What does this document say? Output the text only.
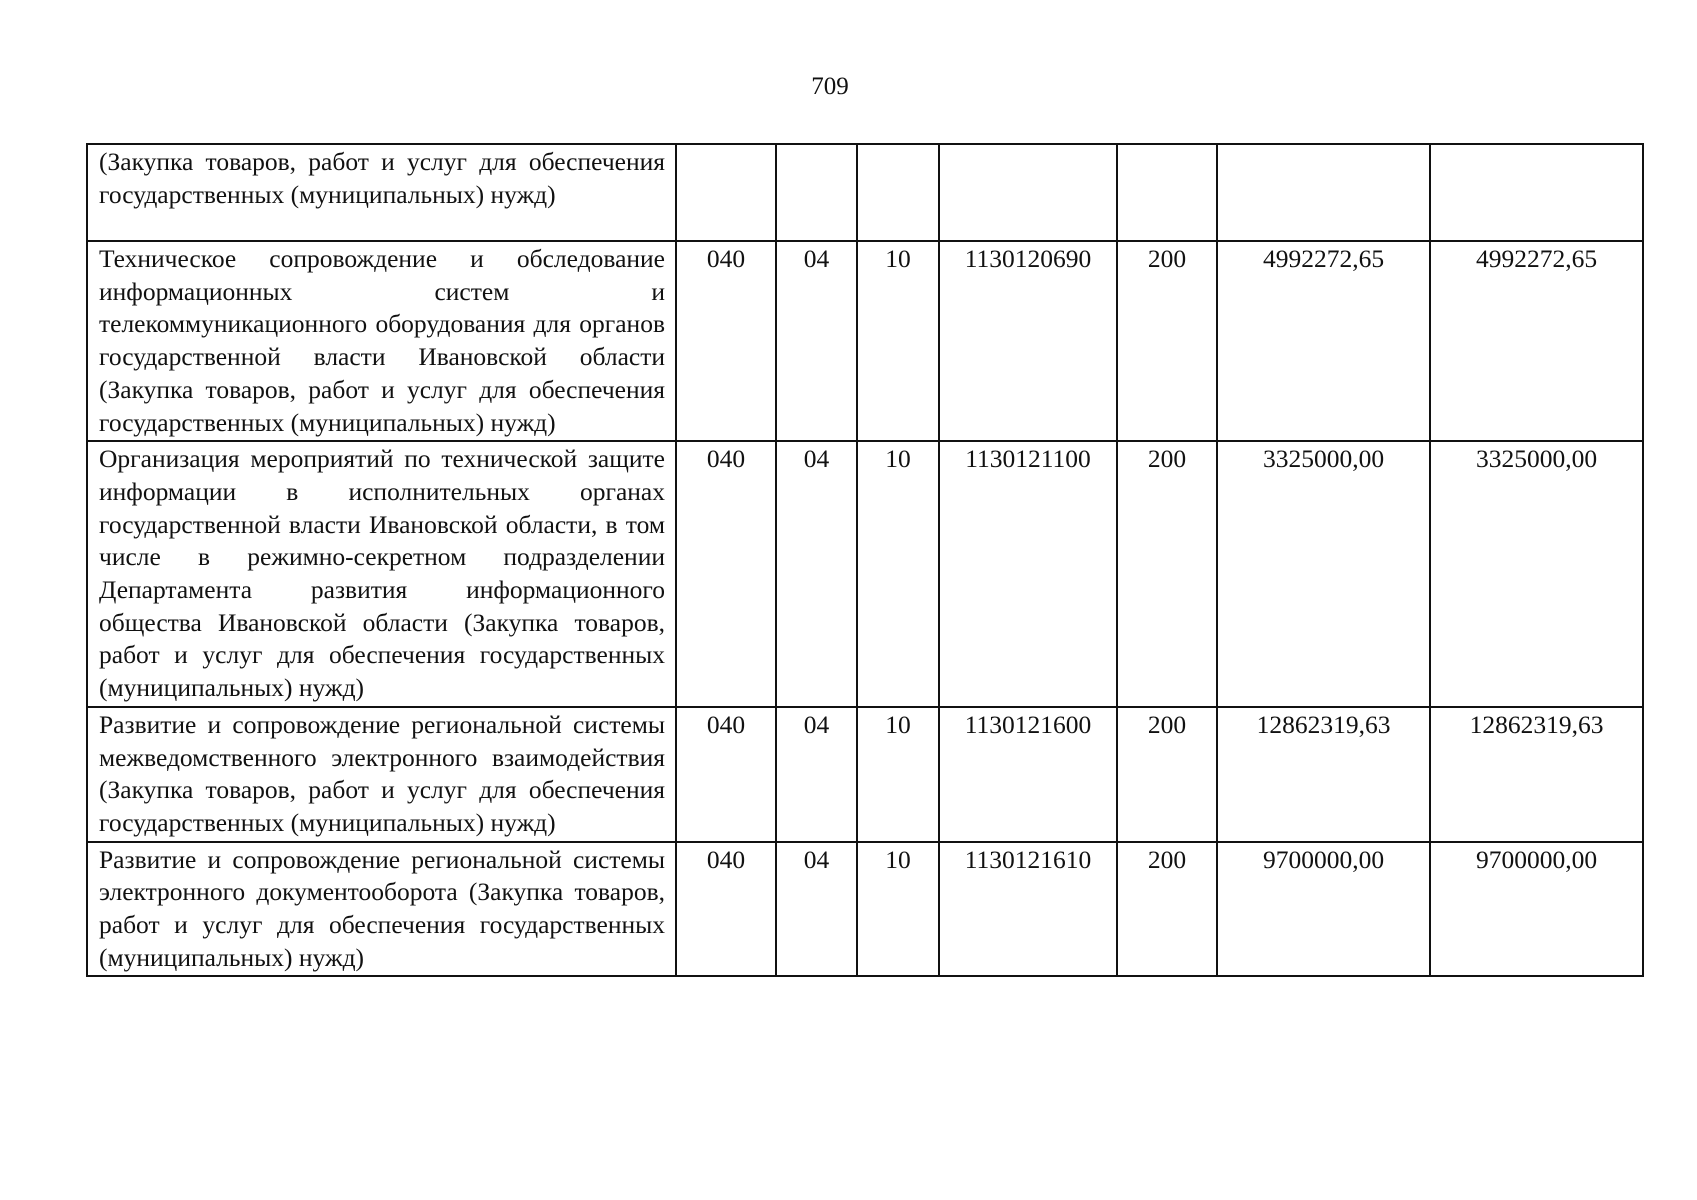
709
(Закупка товаров, работ и услуг для обеспечения государственных (муниципальных) нужд)							
Техническое сопровождение и обследование информационных систем и телекоммуникационного оборудования для органов государственной власти Ивановской области (Закупка товаров, работ и услуг для обеспечения государственных (муниципальных) нужд)	040	04	10	1130120690	200	4992272,65	4992272,65
Организация мероприятий по технической защите информации в исполнительных органах государственной власти Ивановской области, в том числе в режимно-секретном подразделении Департамента развития информационного общества Ивановской области (Закупка товаров, работ и услуг для обеспечения государственных (муниципальных) нужд)	040	04	10	1130121100	200	3325000,00	3325000,00
Развитие и сопровождение региональной системы межведомственного электронного взаимодействия (Закупка товаров, работ и услуг для обеспечения государственных (муниципальных) нужд)	040	04	10	1130121600	200	12862319,63	12862319,63
Развитие и сопровождение региональной системы электронного документооборота (Закупка товаров, работ и услуг для обеспечения государственных (муниципальных) нужд)	040	04	10	1130121610	200	9700000,00	9700000,00
